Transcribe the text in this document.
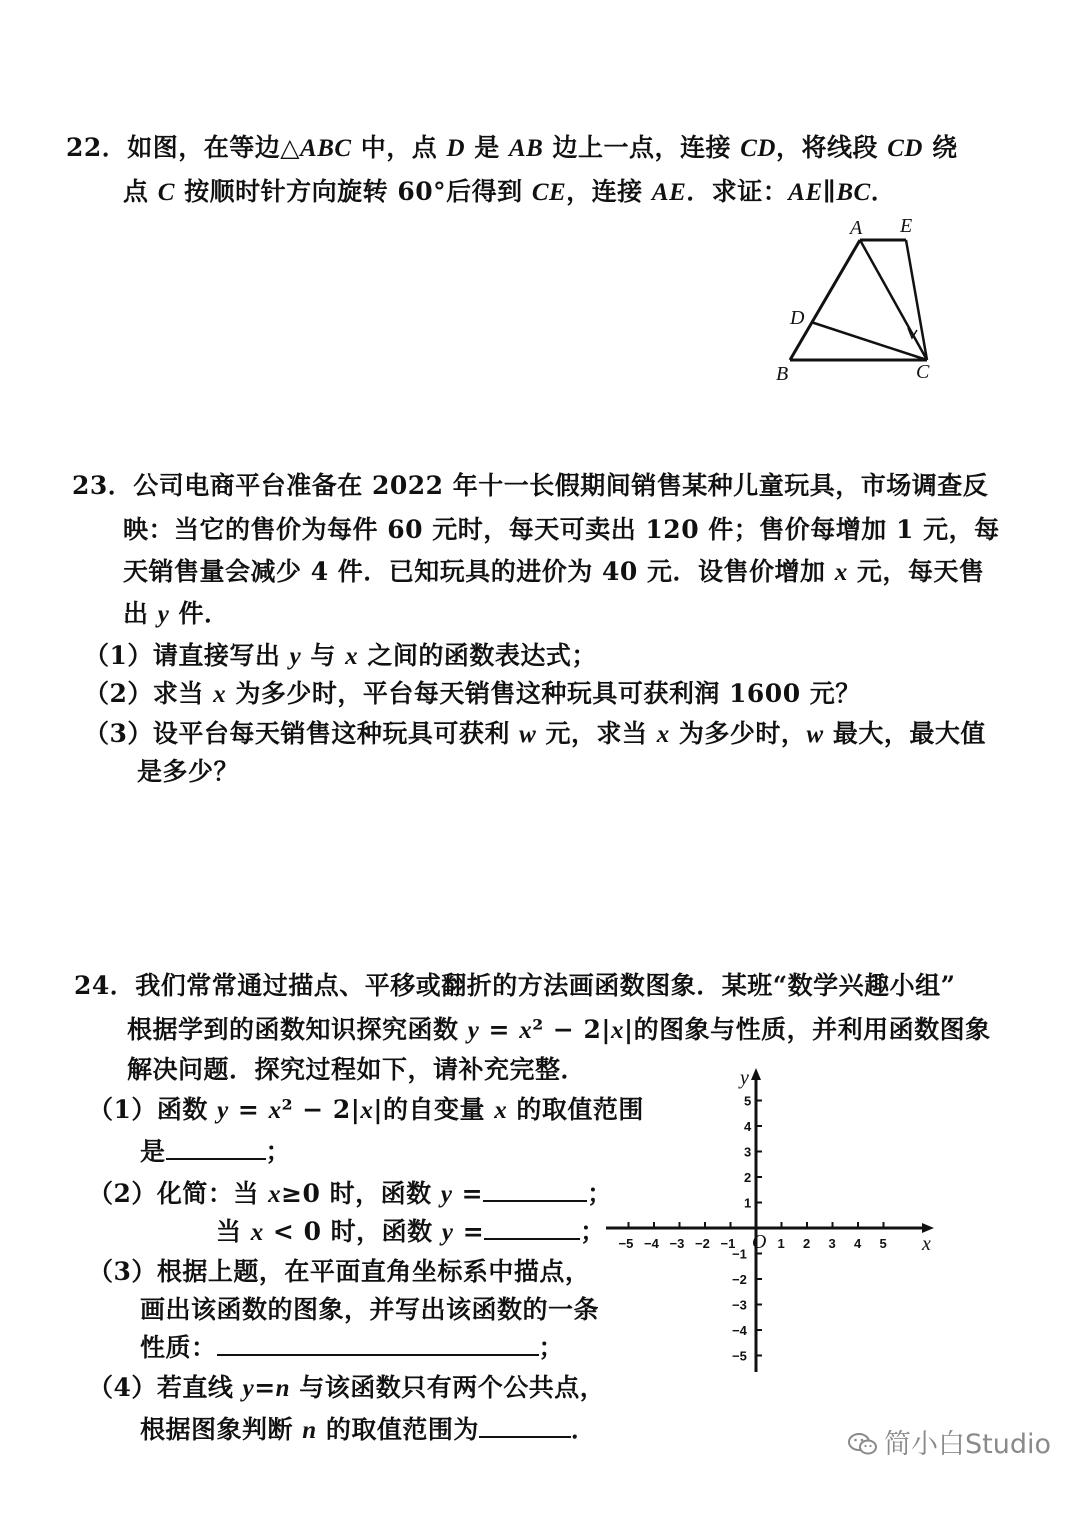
22．如图，在等边△ABC 中，点 D 是 AB 边上一点，连接 CD，将线段 CD 绕
点 C 按顺时针方向旋转 60°后得到 CE，连接 AE．求证：AE∥BC．
A E
D
B	C
23．公司电商平台准备在 2022 年十一长假期间销售某种儿童玩具，市场调查反
映：当它的售价为每件 60 元时，每天可卖出 120 件；售价每增加 1 元，每
天销售量会减少 4 件．已知玩具的进价为 40 元．设售价增加 x 元，每天售
出 y 件．
（1）请直接写出 y 与 x 之间的函数表达式；
（2）求当 x 为多少时，平台每天销售这种玩具可获利润 1600 元？
（3）设平台每天销售这种玩具可获利 w 元，求当 x 为多少时，w 最大，最大值
是多少？
24．我们常常通过描点、平移或翻折的方法画函数图象．某班“数学兴趣小组”
根据学到的函数知识探究函数 y = x² − 2|x|的图象与性质，并利用函数图象
解决问题．探究过程如下，请补充完整．
（1）函数 y = x² − 2|x|的自变量 x 的取值范围
是	；
（2）化简：当 x≥0 时，函数 y =	；
当 x < 0 时，函数 y =	；
（3）根据上题，在平面直角坐标系中描点，
画出该函数的图象，并写出该函数的一条
性质：	；
（4）若直线 y=n 与该函数只有两个公共点，
根据图象判断 n 的取值范围为	．
x
y
O
−5 −4 −3 −2 −1	1 2 3 4 5
5
4
3
2
1
−1
−2
−3
−4
−5
简小白Studio
